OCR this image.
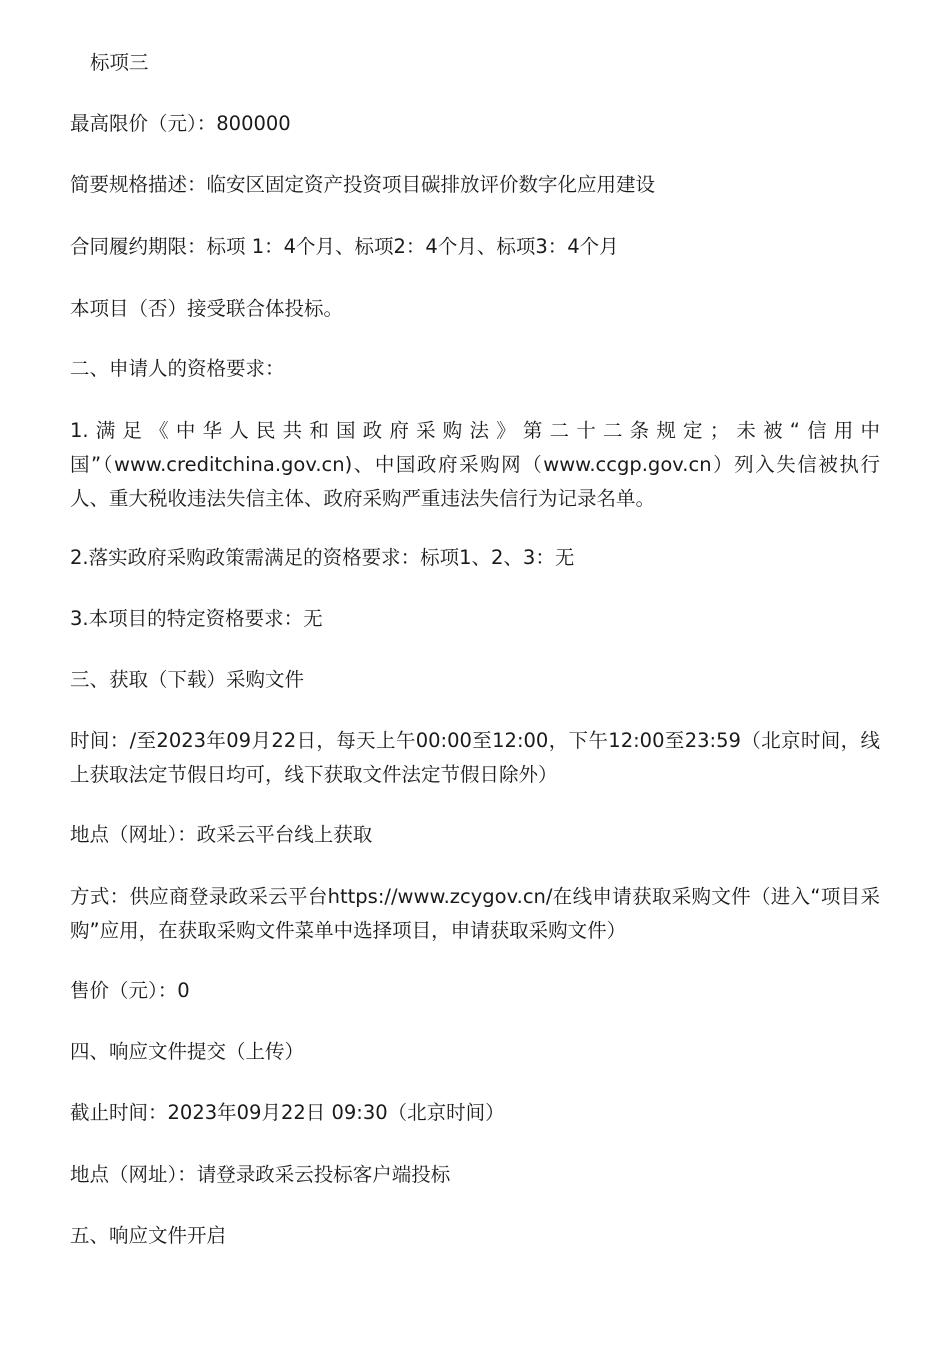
标项三
最高限价（元）：800000
简要规格描述：临安区固定资产投资项目碳排放评价数字化应用建设
合同履约期限：标项 1：4个月、标项2：4个月、标项3：4个月
本项目（否）接受联合体投标。
二、申请人的资格要求：
1.满足《中华人民共和国政府采购法》第二十二条规定；未被“信用中国”（www.creditchina.gov.cn)、中国政府采购网（www.ccgp.gov.cn）列入失信被执行人、重大税收违法失信主体、政府采购严重违法失信行为记录名单。
2.落实政府采购政策需满足的资格要求：标项1、2、3：无
3.本项目的特定资格要求：无
三、获取（下载）采购文件
时间：/至2023年09月22日，每天上午00:00至12:00，下午12:00至23:59（北京时间，线上获取法定节假日均可，线下获取文件法定节假日除外）
地点（网址）：政采云平台线上获取
方式：供应商登录政采云平台https://www.zcygov.cn/在线申请获取采购文件（进入“项目采购”应用，在获取采购文件菜单中选择项目，申请获取采购文件）
售价（元）：0
四、响应文件提交（上传）
截止时间：2023年09月22日 09:30（北京时间）
地点（网址）：请登录政采云投标客户端投标
五、响应文件开启
